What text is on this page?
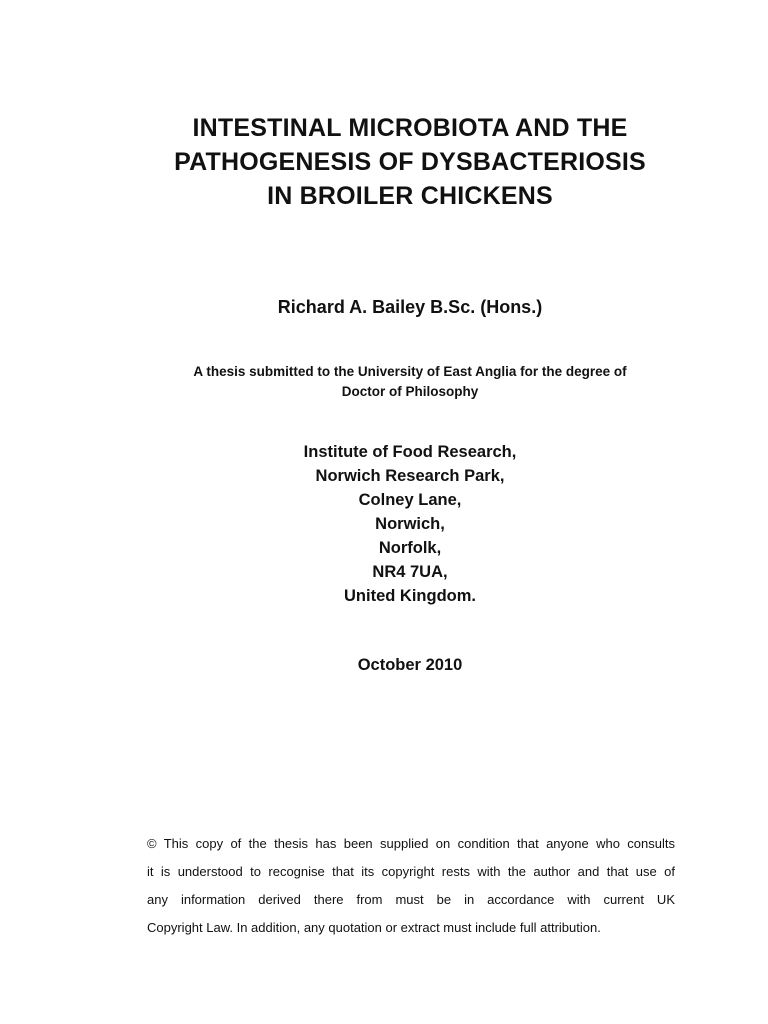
INTESTINAL MICROBIOTA AND THE
PATHOGENESIS OF DYSBACTERIOSIS
IN BROILER CHICKENS
Richard A. Bailey B.Sc. (Hons.)
A thesis submitted to the University of East Anglia for the degree of
Doctor of Philosophy
Institute of Food Research,
Norwich Research Park,
Colney Lane,
Norwich,
Norfolk,
NR4 7UA,
United Kingdom.
October 2010
© This copy of the thesis has been supplied on condition that anyone who consults
it is understood to recognise that its copyright rests with the author and that use of
any information derived there from must be in accordance with current UK
Copyright Law. In addition, any quotation or extract must include full attribution.
